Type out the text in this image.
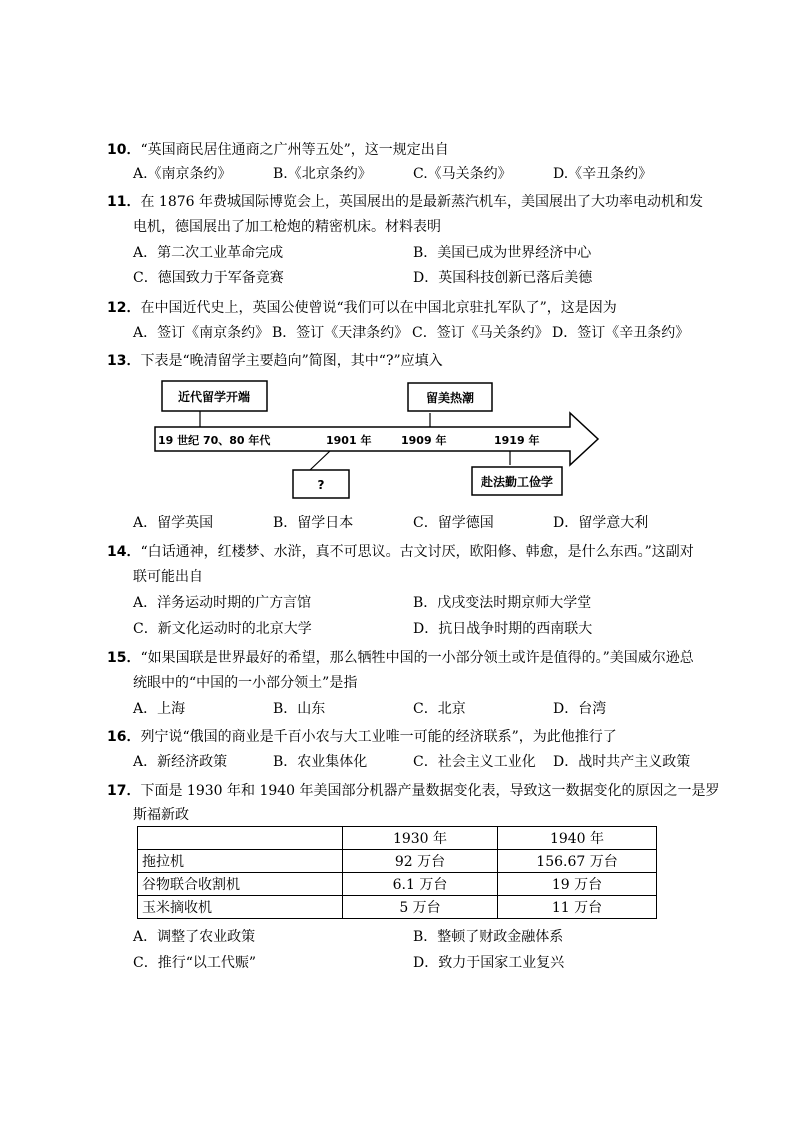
10．“英国商民居住通商之广州等五处”，这一规定出自
A.《南京条约》	B.《北京条约》	C.《马关条约》	D.《辛丑条约》
11．在 1876 年费城国际博览会上，英国展出的是最新蒸汽机车，美国展出了大功率电动机和发
电机，德国展出了加工枪炮的精密机床。材料表明
A．第二次工业革命完成	B．美国已成为世界经济中心
C．德国致力于军备竞赛	D．英国科技创新已落后美德
12．在中国近代史上，英国公使曾说“我们可以在中国北京驻扎军队了”，这是因为
A．签订《南京条约》 B．签订《天津条约》 C．签订《马关条约》 D．签订《辛丑条约》
13．下表是“晚清留学主要趋向”简图，其中“?”应填入
近代留学开端	留美热潮
?	赴法勤工俭学
19 世纪 70、80 年代	1901 年	1909 年	1919 年
A．留学英国	B．留学日本	C．留学德国	D．留学意大利
14．“白话通神，红楼梦、水浒，真不可思议。古文讨厌，欧阳修、韩愈，是什么东西。”这副对
联可能出自
A．洋务运动时期的广方言馆	B．戊戌变法时期京师大学堂
C．新文化运动时的北京大学	D．抗日战争时期的西南联大
15．“如果国联是世界最好的希望，那么牺牲中国的一小部分领土或许是值得的。”美国威尔逊总
统眼中的“中国的一小部分领土”是指
A．上海	B．山东	C．北京	D．台湾
16．列宁说“俄国的商业是千百小农与大工业唯一可能的经济联系”，为此他推行了
A．新经济政策	B．农业集体化	C．社会主义工业化 D．战时共产主义政策
17．下面是 1930 年和 1940 年美国部分机器产量数据变化表，导致这一数据变化的原因之一是罗
斯福新政
	1930 年	1940 年
拖拉机	92 万台	156.67 万台
谷物联合收割机	6.1 万台	19 万台
玉米摘收机	5 万台	11 万台
A．调整了农业政策	B．整顿了财政金融体系
C．推行“以工代赈”	D．致力于国家工业复兴
